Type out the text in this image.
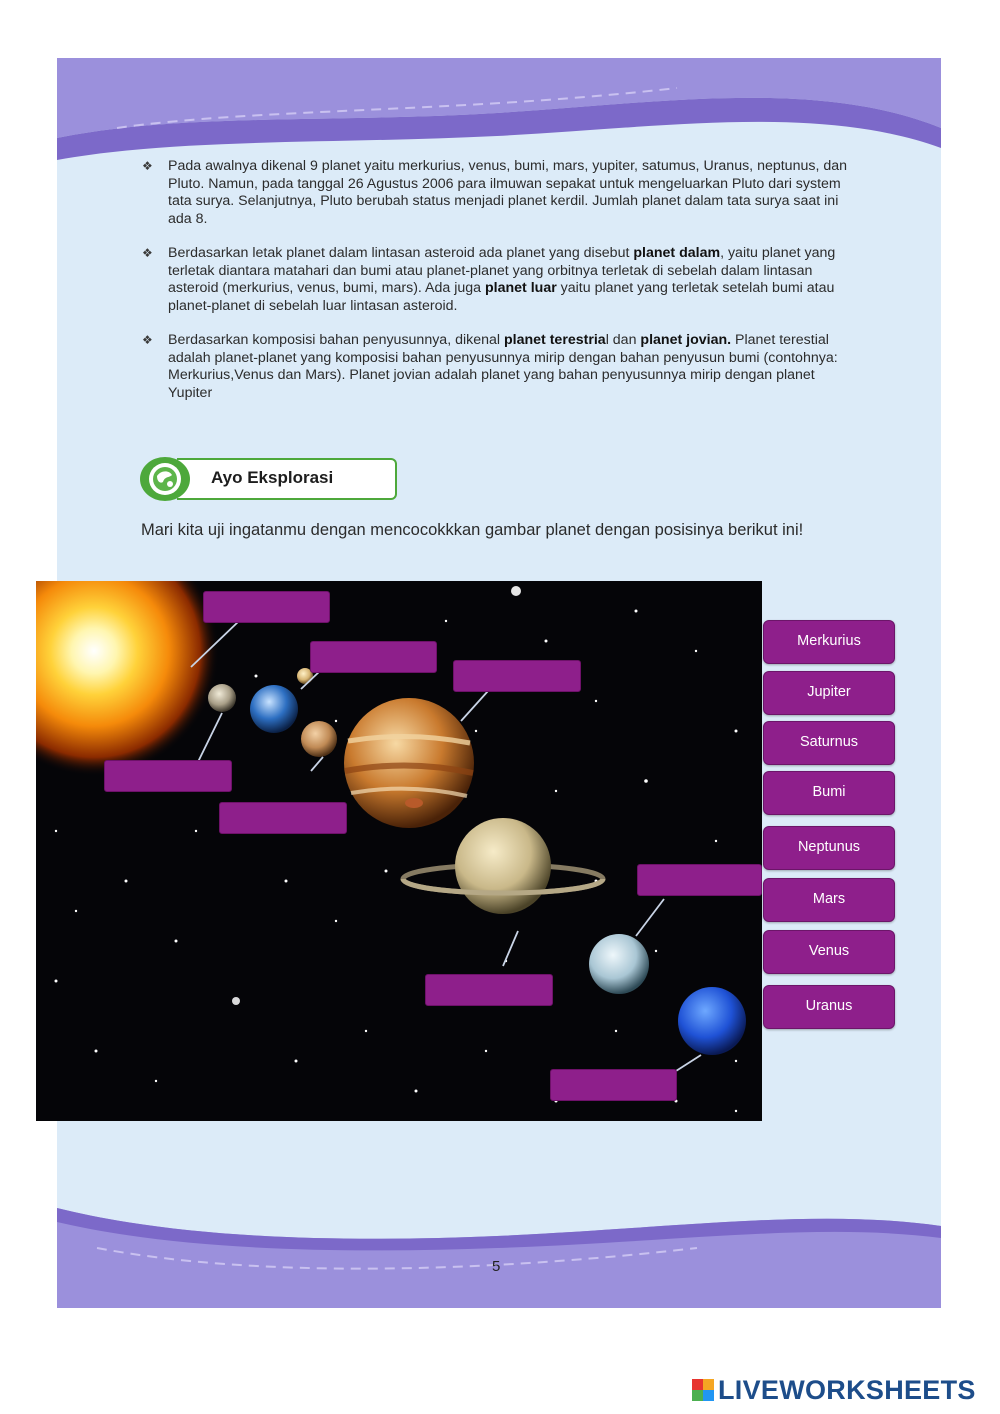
❖ Pada awalnya dikenal 9 planet yaitu merkurius, venus, bumi, mars, yupiter, satumus, Uranus, neptunus, dan Pluto. Namun, pada tanggal 26 Agustus 2006 para ilmuwan sepakat untuk mengeluarkan Pluto dari system tata surya. Selanjutnya, Pluto berubah status menjadi planet kerdil. Jumlah planet dalam tata surya saat ini ada 8.
❖ Berdasarkan letak planet dalam lintasan asteroid ada planet yang disebut planet dalam, yaitu planet yang terletak diantara matahari dan bumi atau planet-planet yang orbitnya terletak di sebelah dalam lintasan asteroid (merkurius, venus, bumi, mars). Ada juga planet luar yaitu planet yang terletak setelah bumi atau planet-planet di sebelah luar lintasan asteroid.
❖ Berdasarkan komposisi bahan penyusunnya, dikenal planet terestrial dan planet jovian. Planet terestial adalah planet-planet yang komposisi bahan penyusunnya mirip dengan bahan penyusun bumi (contohnya: Merkurius,Venus dan Mars). Planet jovian adalah planet yang bahan penyusunnya mirip dengan planet Yupiter
Ayo Eksplorasi
Mari kita uji ingatanmu dengan mencocokkkan gambar planet dengan posisinya berikut ini!
Merkurius
Jupiter
Saturnus
Bumi
Neptunus
Mars
Venus
Uranus
5
LIVEWORKSHEETS
